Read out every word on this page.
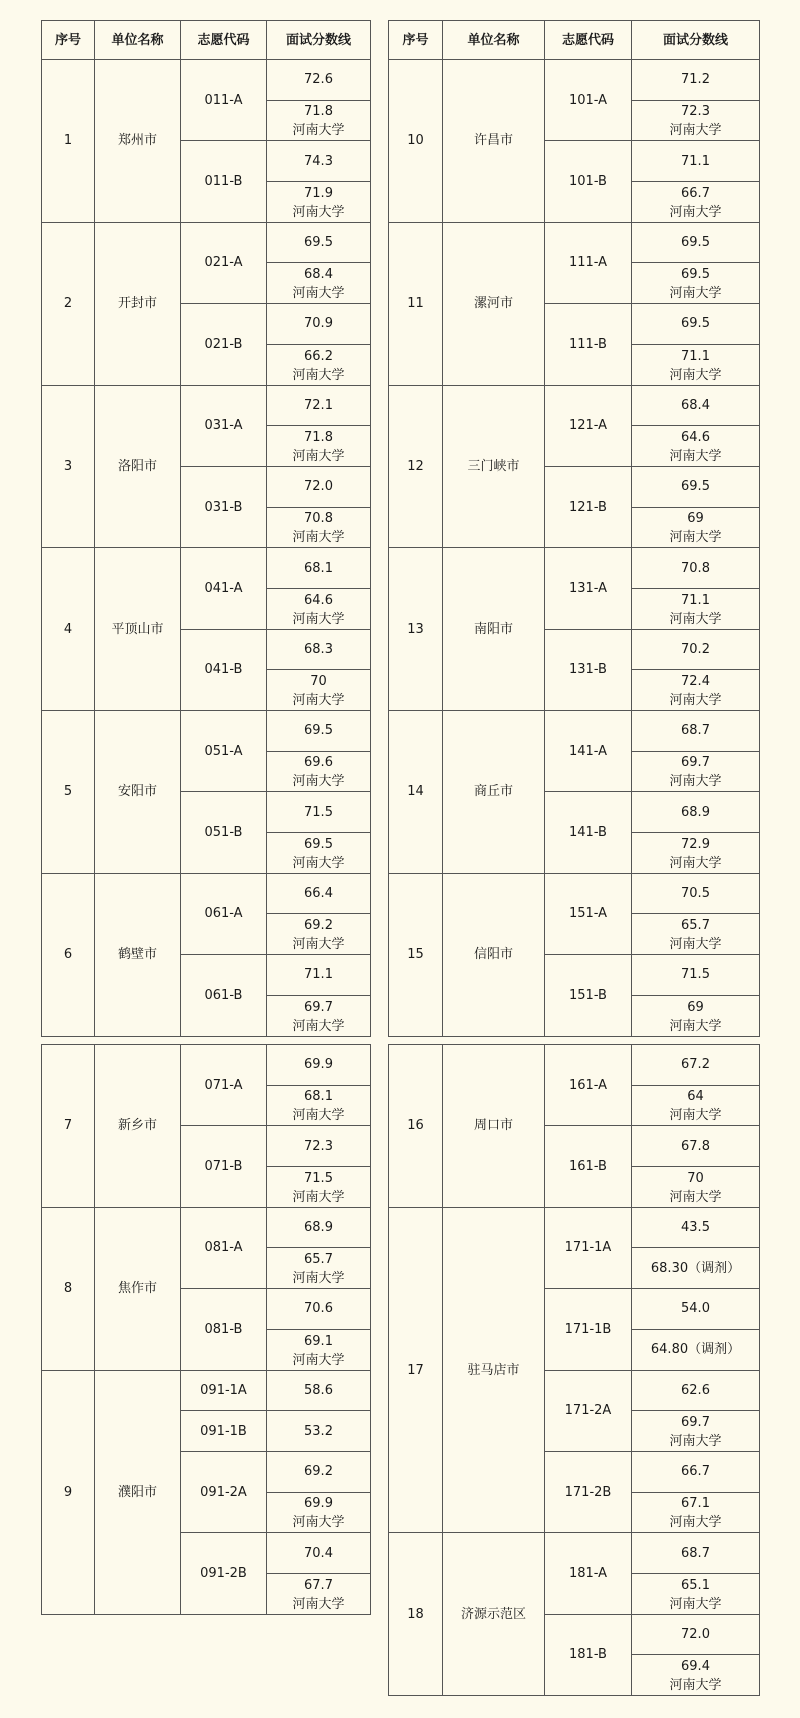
序号	单位名称	志愿代码	面试分数线
1	郑州市	011-A	72.6

			71.8
河南大学

		011-B	74.3

			71.9
河南大学

2	开封市	021-A	69.5

			68.4
河南大学

		021-B	70.9

			66.2
河南大学

3	洛阳市	031-A	72.1

			71.8
河南大学

		031-B	72.0

			70.8
河南大学

4	平顶山市	041-A	68.1

			64.6
河南大学

		041-B	68.3

			70
河南大学

5	安阳市	051-A	69.5

			69.6
河南大学

		051-B	71.5

			69.5
河南大学

6	鹤壁市	061-A	66.4

			69.2
河南大学

		061-B	71.1

			69.7
河南大学
序号	单位名称	志愿代码	面试分数线
10	许昌市	101-A	71.2

			72.3
河南大学

		101-B	71.1

			66.7
河南大学

11	漯河市	111-A	69.5

			69.5
河南大学

		111-B	69.5

			71.1
河南大学

12	三门峡市	121-A	68.4

			64.6
河南大学

		121-B	69.5

			69
河南大学

13	南阳市	131-A	70.8

			71.1
河南大学

		131-B	70.2

			72.4
河南大学

14	商丘市	141-A	68.7

			69.7
河南大学

		141-B	68.9

			72.9
河南大学

15	信阳市	151-A	70.5

			65.7
河南大学

		151-B	71.5

			69
河南大学
7	新乡市	071-A	69.9

			68.1
河南大学

		071-B	72.3

			71.5
河南大学

8	焦作市	081-A	68.9

			65.7
河南大学

		081-B	70.6

			69.1
河南大学

9	濮阳市	091-1A	58.6

		091-1B	53.2

		091-2A	69.2

			69.9
河南大学

		091-2B	70.4

			67.7
河南大学
16	周口市	161-A	67.2

			64
河南大学

		161-B	67.8

			70
河南大学

17	驻马店市	171-1A	43.5

			68.30（调剂）

		171-1B	54.0

			64.80（调剂）

		171-2A	62.6

			69.7
河南大学

		171-2B	66.7

			67.1
河南大学

18	济源示范区	181-A	68.7

			65.1
河南大学

		181-B	72.0

			69.4
河南大学
